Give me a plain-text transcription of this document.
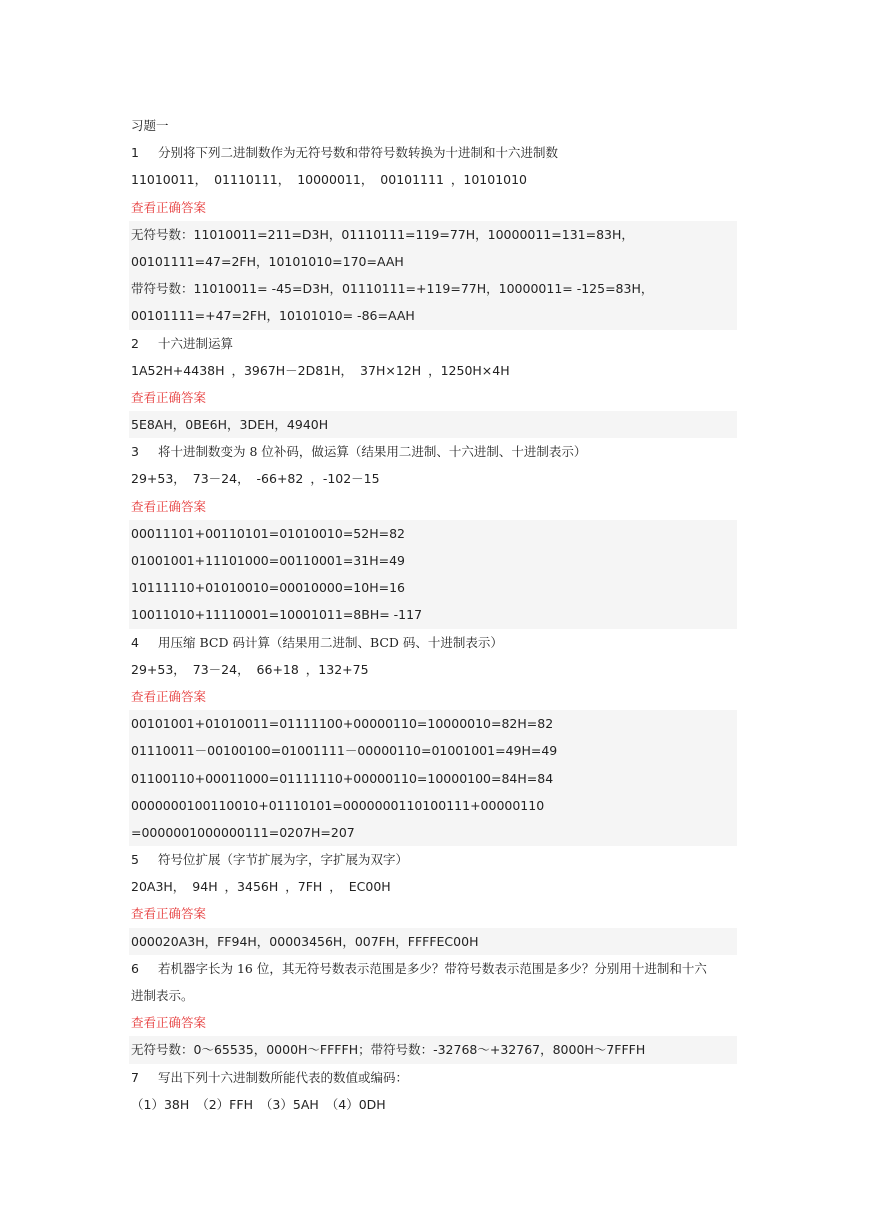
习题一
1	分别将下列二进制数作为无符号数和带符号数转换为十进制和十六进制数
11010011， 01110111， 10000011， 00101111 ，10101010
查看正确答案
无符号数：11010011=211=D3H，01110111=119=77H，10000011=131=83H，
00101111=47=2FH，10101010=170=AAH
带符号数：11010011= -45=D3H，01110111=+119=77H，10000011= -125=83H，
00101111=+47=2FH，10101010= -86=AAH
2	十六进制运算
1A52H+4438H ，3967H－2D81H， 37H×12H ，1250H×4H
查看正确答案
5E8AH，0BE6H，3DEH，4940H
3	将十进制数变为 8 位补码，做运算（结果用二进制、十六进制、十进制表示）
29+53， 73－24， -66+82 ，-102－15
查看正确答案
00011101+00110101=01010010=52H=82
01001001+11101000=00110001=31H=49
10111110+01010010=00010000=10H=16
10011010+11110001=10001011=8BH= -117
4	用压缩 BCD 码计算（结果用二进制、BCD 码、十进制表示）
29+53， 73－24， 66+18 ，132+75
查看正确答案
00101001+01010011=01111100+00000110=10000010=82H=82
01110011－00100100=01001111－00000110=01001001=49H=49
01100110+00011000=01111110+00000110=10000100=84H=84
0000000100110010+01110101=0000000110100111+00000110
=0000001000000111=0207H=207
5	符号位扩展（字节扩展为字，字扩展为双字）
20A3H， 94H ，3456H ，7FH ， EC00H
查看正确答案
000020A3H，FF94H，00003456H，007FH，FFFFEC00H
6	若机器字长为 16 位，其无符号数表示范围是多少？带符号数表示范围是多少？分别用十进制和十六
进制表示。
查看正确答案
无符号数：0～65535，0000H～FFFFH；带符号数：-32768～+32767，8000H～7FFFH
7	写出下列十六进制数所能代表的数值或编码：
（1）38H （2）FFH （3）5AH （4）0DH
